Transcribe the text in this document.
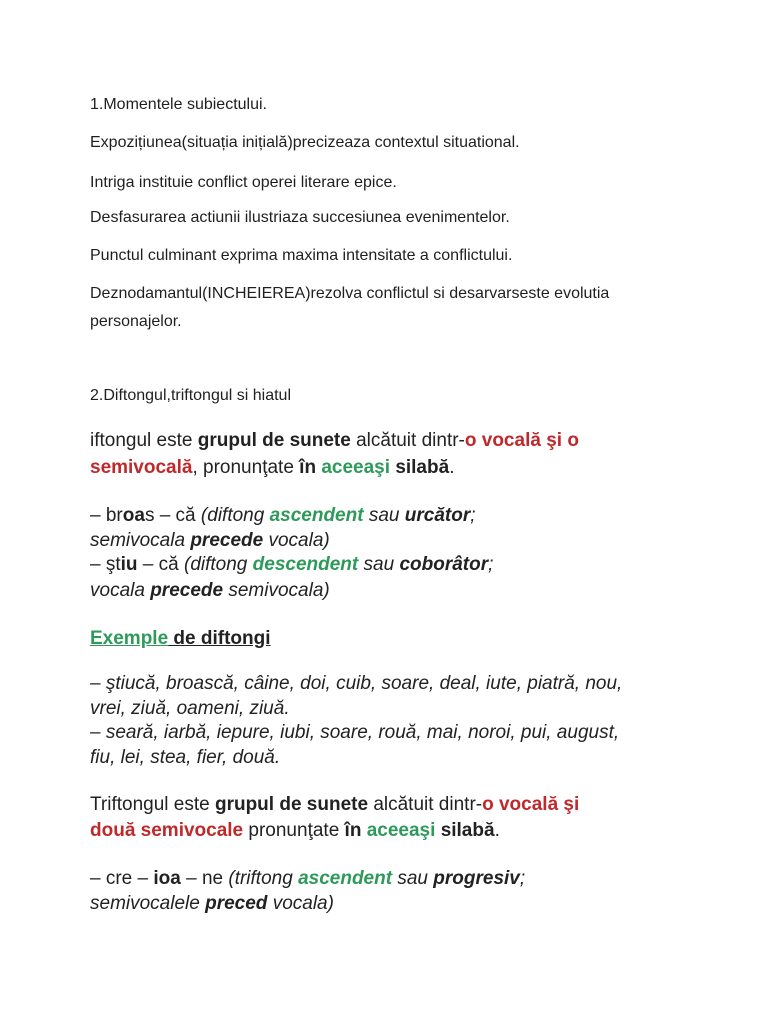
1.Momentele subiectului.
Expozițiunea(situația inițială)precizeaza contextul situational.
Intriga instituie conflict operei literare epice.
Desfasurarea actiunii ilustriaza succesiunea evenimentelor.
Punctul culminant exprima maxima intensitate a conflictului.
Deznodamantul(INCHEIEREA)rezolva conflictul si desarvarseste evolutia
personajelor.
2.Diftongul,triftongul si hiatul
iftongul este grupul de sunete alcătuit dintr-o vocală şi o
semivocală, pronunţate în aceeaşi silabă.
– broas – că (diftong ascendent sau urcător;
semivocala precede vocala)
– ştiu – că (diftong descendent sau coborâtor;
vocala precede semivocala)
Exemple de diftongi
– ştiucă, broască, câine, doi, cuib, soare, deal, iute, piatră, nou,
vrei, ziuă, oameni, ziuă.
– seară, iarbă, iepure, iubi, soare, rouă, mai, noroi, pui, august,
fiu, lei, stea, fier, două.
Triftongul este grupul de sunete alcătuit dintr-o vocală şi
două semivocale pronunţate în aceeaşi silabă.
– cre – ioa – ne (triftong ascendent sau progresiv;
semivocalele preced vocala)
